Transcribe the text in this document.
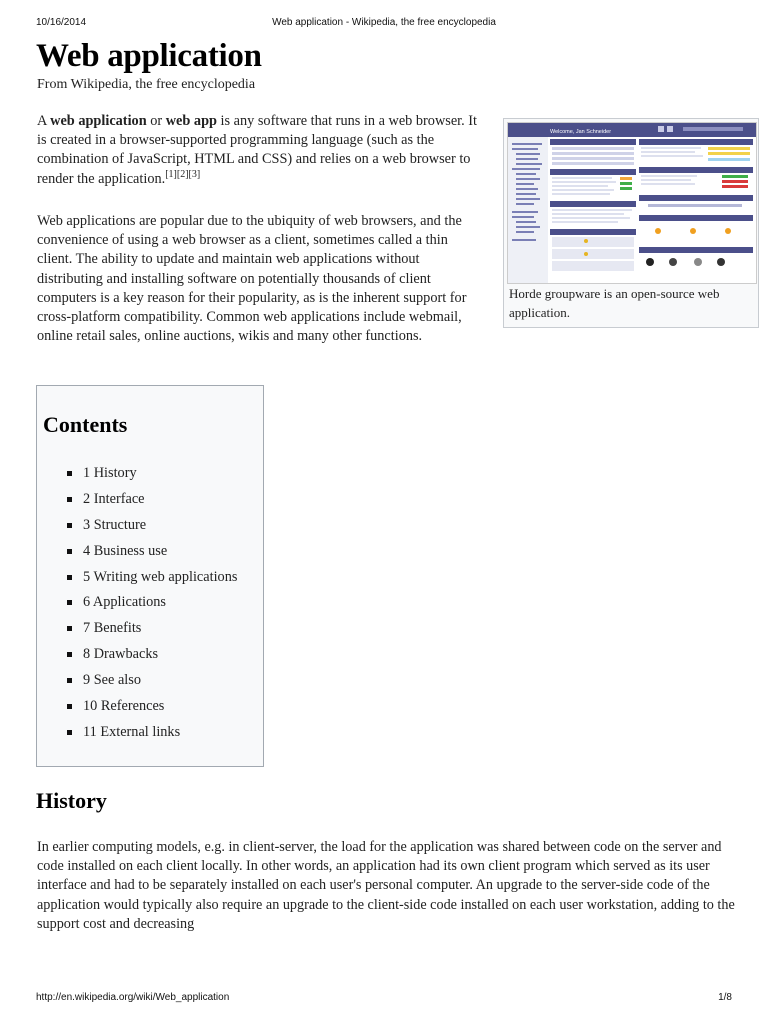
10/16/2014	Web application - Wikipedia, the free encyclopedia
Web application
From Wikipedia, the free encyclopedia

A web application or web app is any software that runs in a web browser. It is created in a browser-supported programming language (such as the combination of JavaScript, HTML and CSS) and relies on a web browser to render the application.[1][2][3]

Web applications are popular due to the ubiquity of web browsers, and the convenience of using a web browser as a client, sometimes called a thin client. The ability to update and maintain web applications without distributing and installing software on potentially thousands of client computers is a key reason for their popularity, as is the inherent support for cross-platform compatibility. Common web applications include webmail, online retail sales, online auctions, wikis and many other functions.

Welcome, Jan Schneider
Horde groupware is an open-source web application.
Contents
1 History
2 Interface
3 Structure
4 Business use
5 Writing web applications
6 Applications
7 Benefits
8 Drawbacks
9 See also
10 References
11 External links
History

In earlier computing models, e.g. in client-server, the load for the application was shared between code on the server and code installed on each client locally. In other words, an application had its own client program which served as its user interface and had to be separately installed on each user's personal computer. An upgrade to the server-side code of the application would typically also require an upgrade to the client-side code installed on each user workstation, adding to the support cost and decreasing

http://en.wikipedia.org/wiki/Web_application	1/8
